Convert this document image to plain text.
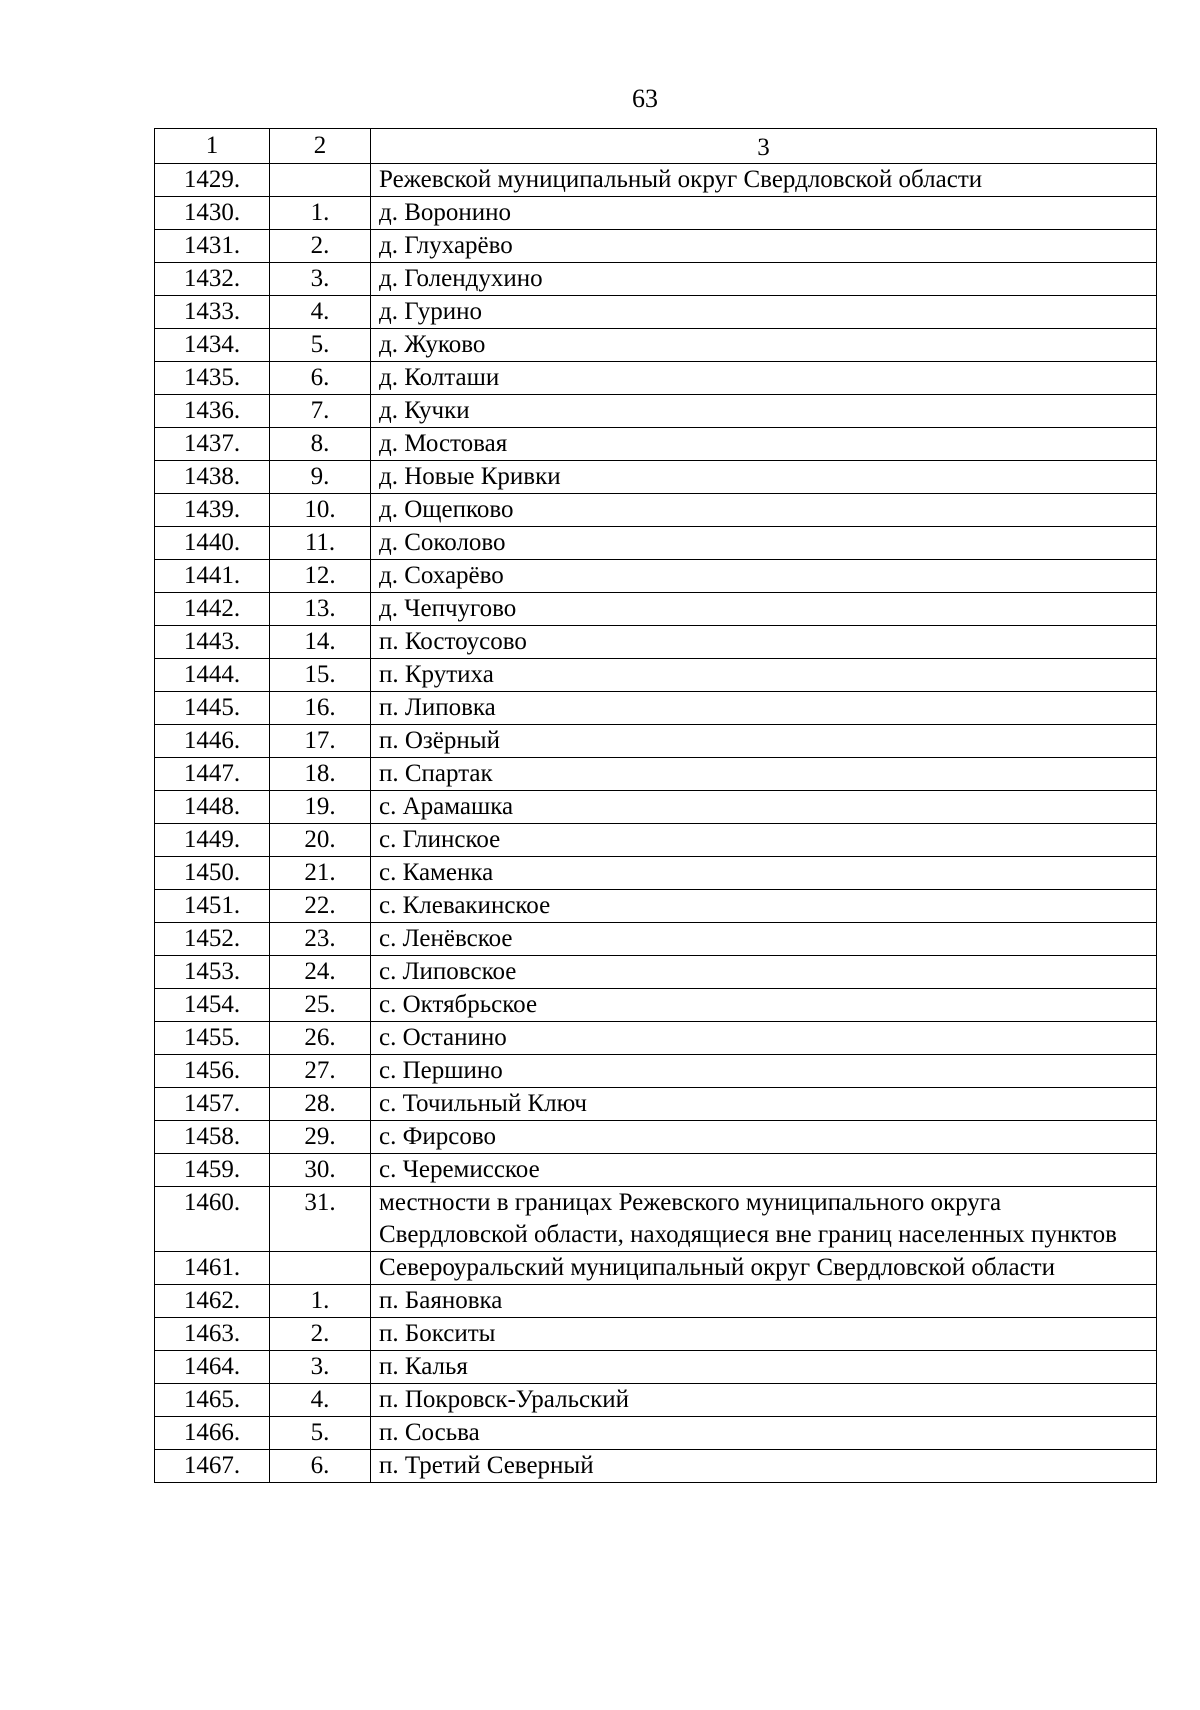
63
1	2	3
1429.		Режевской муниципальный округ Свердловской области
1430.	1.	д. Воронино
1431.	2.	д. Глухарёво
1432.	3.	д. Голендухино
1433.	4.	д. Гурино
1434.	5.	д. Жуково
1435.	6.	д. Колташи
1436.	7.	д. Кучки
1437.	8.	д. Мостовая
1438.	9.	д. Новые Кривки
1439.	10.	д. Ощепково
1440.	11.	д. Соколово
1441.	12.	д. Сохарёво
1442.	13.	д. Чепчугово
1443.	14.	п. Костоусово
1444.	15.	п. Крутиха
1445.	16.	п. Липовка
1446.	17.	п. Озёрный
1447.	18.	п. Спартак
1448.	19.	с. Арамашка
1449.	20.	с. Глинское
1450.	21.	с. Каменка
1451.	22.	с. Клевакинское
1452.	23.	с. Ленёвское
1453.	24.	с. Липовское
1454.	25.	с. Октябрьское
1455.	26.	с. Останино
1456.	27.	с. Першино
1457.	28.	с. Точильный Ключ
1458.	29.	с. Фирсово
1459.	30.	с. Черемисское
1460.	31.	местности в границах Режевского муниципального округа Свердловской области, находящиеся вне границ населенных пунктов
1461.		Североуральский муниципальный округ Свердловской области
1462.	1.	п. Баяновка
1463.	2.	п. Бокситы
1464.	3.	п. Калья
1465.	4.	п. Покровск-Уральский
1466.	5.	п. Сосьва
1467.	6.	п. Третий Северный
